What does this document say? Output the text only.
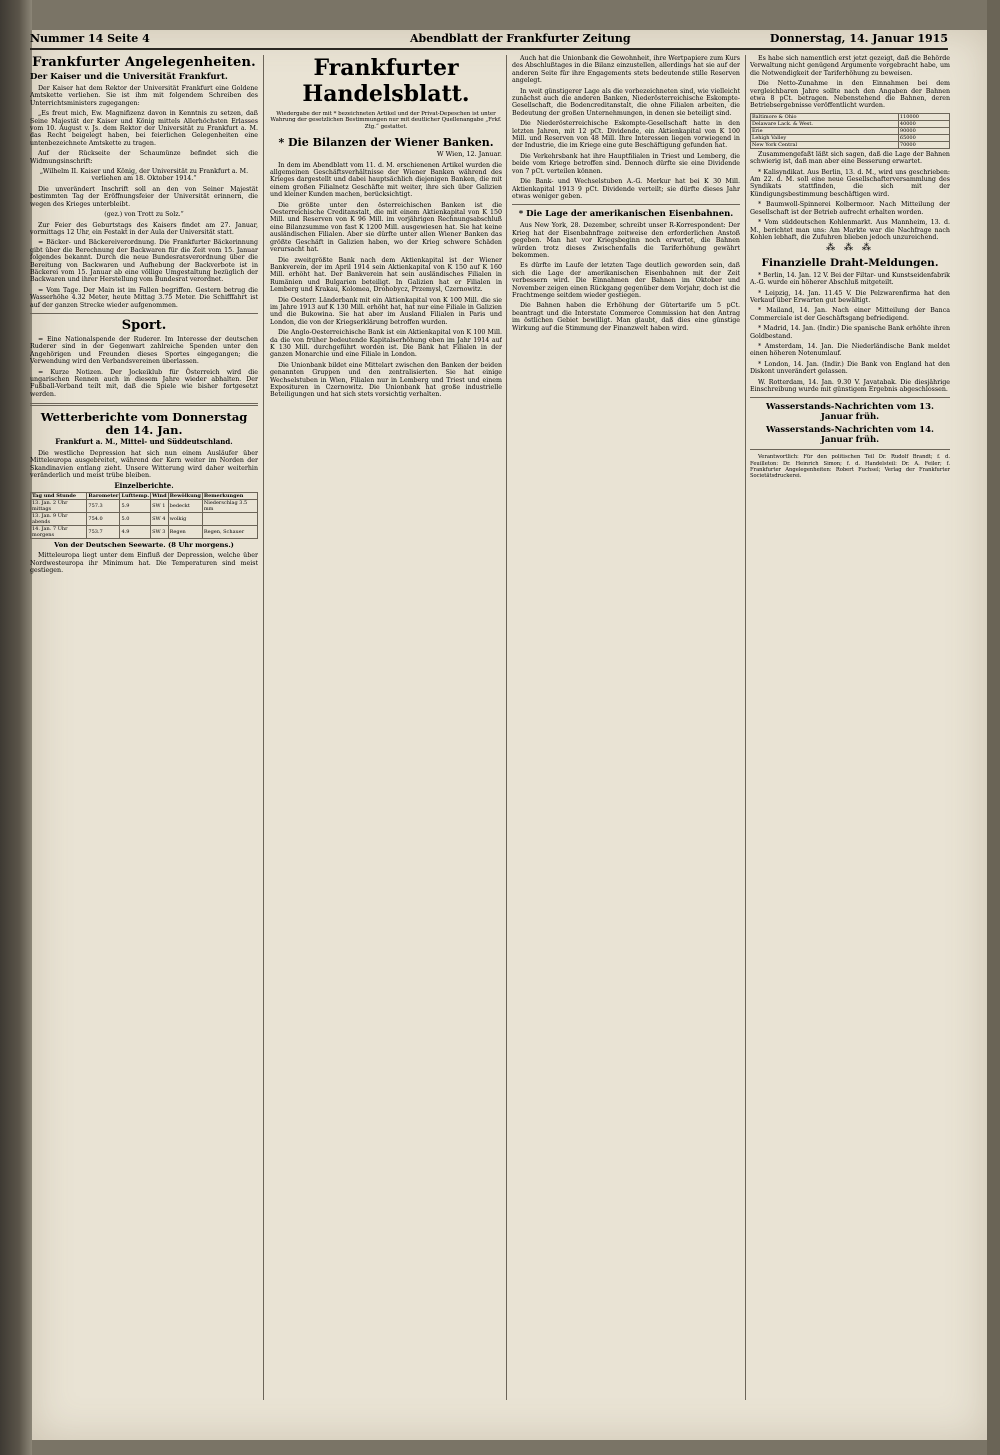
Nummer 14 Seite 4	Abendblatt der Frankfurter Zeitung	Donnerstag, 14. Januar 1915
Frankfurter Angelegenheiten.
Der Kaiser und die Universität Frankfurt.

Der Kaiser hat dem Rektor der Universität Frankfurt eine Goldene Amtskette verliehen. Sie ist ihm mit folgendem Schreiben des Unterrichtsministers zugegangen:

„Es freut mich, Ew. Magnifizenz davon in Kenntnis zu setzen, daß Seine Majestät der Kaiser und König mittels Allerhöchsten Erlasses vom 10. August v. Js. dem Rektor der Universität zu Frankfurt a. M. das Recht beigelegt haben, bei feierlichen Gelegenheiten eine untenbezeichnete Amtskette zu tragen.

Auf der Rückseite der Schaumünze befindet sich die Widmungsinschrift:

„Wilhelm II. Kaiser und König, der Universität zu Frankfurt a. M. verliehen am 18. Oktober 1914.“

Die unverändert Inschrift soll an den von Seiner Majestät bestimmten Tag der Eröffnungsfeier der Universität erinnern, die wegen des Krieges unterbleibt.

(gez.) von Trott zu Solz.“

Zur Feier des Geburtstags des Kaisers findet am 27. Januar, vormittags 12 Uhr, ein Festakt in der Aula der Universität statt.

= Bäcker- und Bäckereiverordnung. Die Frankfurter Bäckerinnung gibt über die Berechnung der Backwaren für die Zeit vom 15. Januar folgendes bekannt. Durch die neue Bundesratsverordnung über die Bereitung von Backwaren und Aufhebung der Backverbote ist in Bäckerei vom 15. Januar ab eine völlige Umgestaltung bezüglich der Backwaren und ihrer Herstellung vom Bundesrat verordnet.

= Vom Tage. Der Main ist im Fallen begriffen. Gestern betrug die Wasserhöhe 4.32 Meter, heute Mittag 3.75 Meter. Die Schifffahrt ist auf der ganzen Strecke wieder aufgenommen.

Sport.

= Eine Nationalspende der Ruderer. Im Interesse der deutschen Ruderer sind in der Gegenwart zahlreiche Spenden unter den Angehörigen und Freunden dieses Sportes eingegangen; die Verwendung wird den Verbandsvereinen überlassen.

= Kurze Notizen. Der Jockeiklub für Österreich wird die ungarischen Rennen auch in diesem Jahre wieder abhalten. Der Fußball-Verband teilt mit, daß die Spiele wie bisher fortgesetzt werden.

Wetterberichte vom Donnerstag den 14. Jan.
Frankfurt a. M., Mittel- und Süddeutschland.

Die westliche Depression hat sich nun einem Ausläufer über Mitteleuropa ausgebreitet, während der Kern weiter im Norden der Skandinavien entlang zieht. Unsere Witterung wird daher weiterhin veränderlich und meist trübe bleiben.

Einzelberichte.
Tag und Stunde	Barometer	Lufttemp.	Wind	Bewölkung	Bemerkungen
13. Jan. 2 Uhr mittags	757.3	5.9	SW 1	bedeckt	Niederschlag 3.5 mm
13. Jan. 9 Uhr abends	754.0	5.0	SW 4	wolkig	
14. Jan. 7 Uhr morgens	753.7	4.9	SW 3	Regen	Regen, Schauer
Von der Deutschen Seewarte. (8 Uhr morgens.)

Mitteleuropa liegt unter dem Einfluß der Depression, welche über Nordwesteuropa ihr Minimum hat. Die Temperaturen sind meist gestiegen.

Frankfurter Handelsblatt.
Wiedergabe der mit * bezeichneten Artikel und der Privat-Depeschen ist unter Wahrung der gesetzlichen Bestimmungen nur mit deutlicher Quellenangabe „Frkf. Ztg.“ gestattet.
* Die Bilanzen der Wiener Banken.
W Wien, 12. Januar.

In dem im Abendblatt vom 11. d. M. erschienenen Artikel wurden die allgemeinen Geschäftsverhältnisse der Wiener Banken während des Krieges dargestellt und dabei hauptsächlich diejenigen Banken, die mit einem großen Filialnetz Geschäfte mit weiter, ihre sich über Galizien und kleiner Kunden machen, berücksichtigt.

Die größte unter den österreichischen Banken ist die Oesterreichische Creditanstalt, die mit einem Aktienkapital von K 150 Mill. und Reserven von K 96 Mill. im vorjährigen Rechnungsabschluß eine Bilanzsumme von fast K 1200 Mill. ausgewiesen hat. Sie hat keine ausländischen Filialen. Aber sie dürfte unter allen Wiener Banken das größte Geschäft in Galizien haben, wo der Krieg schwere Schäden verursacht hat.

Die zweitgrößte Bank nach dem Aktienkapital ist der Wiener Bankverein, der im April 1914 sein Aktienkapital von K 150 auf K 160 Mill. erhöht hat. Der Bankverein hat sein ausländisches Filialen in Rumänien und Bulgarien beteiligt. In Galizien hat er Filialen in Lemberg und Krakau, Kolomea, Drohobycz, Przemysl, Czernowitz.

Die Oesterr. Länderbank mit ein Aktienkapital von K 100 Mill. die sie im Jahre 1913 auf K 130 Mill. erhöht hat, hat nur eine Filiale in Galizien und die Bukowina. Sie hat aber im Ausland Filialen in Paris und London, die von der Kriegserklärung betroffen wurden.

Die Anglo-Oesterreichische Bank ist ein Aktienkapital von K 100 Mill. da die von früher bedeutende Kapitalserhöhung eben im Jahr 1914 auf K 130 Mill. durchgeführt worden ist. Die Bank hat Filialen in der ganzen Monarchie und eine Filiale in London.

Die Unionbank bildet eine Mittelart zwischen den Banken der beiden genannten Gruppen und den zentralisierten. Sie hat einige Wechselstuben in Wien, Filialen nur in Lemberg und Triest und einem Exposituren in Czernowitz. Die Unionbank hat große industrielle Beteiligungen und hat sich stets vorsichtig verhalten.

Auch hat die Unionbank die Gewohnheit, ihre Wertpapiere zum Kurs des Abschlußtages in die Bilanz einzustellen, allerdings hat sie auf der anderen Seite für ihre Engagements stets bedeutende stille Reserven angelegt.

In weit günstigerer Lage als die vorbezeichneten sind, wie vielleicht zunächst auch die anderen Banken, Niederösterreichische Eskompte-Gesellschaft, die Bodencreditanstalt, die ohne Filialen arbeiten, die Bedeutung der großen Unternehmungen, in denen sie beteiligt sind.

Die Niederösterreichische Eskompte-Gesellschaft hatte in den letzten Jahren, mit 12 pCt. Dividende, ein Aktienkapital von K 100 Mill. und Reserven von 48 Mill. Ihre Interessen liegen vorwiegend in der Industrie, die im Kriege eine gute Beschäftigung gefunden hat.

Die Verkehrsbank hat ihre Hauptfilialen in Triest und Lemberg, die beide vom Kriege betroffen sind. Dennoch dürfte sie eine Dividende von 7 pCt. verteilen können.

Die Bank- und Wechselstuben A.-G. Merkur hat bei K 30 Mill. Aktienkapital 1913 9 pCt. Dividende verteilt; sie dürfte dieses Jahr etwas weniger geben.

* Die Lage der amerikanischen Eisenbahnen.

Aus New York, 28. Dezember, schreibt unser R-Korrespondent: Der Krieg hat der Eisenbahnfrage zeitweise den erforderlichen Anstoß gegeben. Man hat vor Kriegsbeginn noch erwartet, die Bahnen würden trotz dieses Zwischenfalls die Tariferhöhung gewährt bekommen.

Es dürfte im Laufe der letzten Tage deutlich geworden sein, daß sich die Lage der amerikanischen Eisenbahnen mit der Zeit verbessern wird. Die Einnahmen der Bahnen im Oktober und November zeigen einen Rückgang gegenüber dem Vorjahr, doch ist die Frachtmenge seitdem wieder gestiegen.

Die Bahnen haben die Erhöhung der Gütertarife um 5 pCt. beantragt und die Interstate Commerce Commission hat den Antrag im östlichen Gebiet bewilligt. Man glaubt, daß dies eine günstige Wirkung auf die Stimmung der Finanzwelt haben wird.

Es habe sich namentlich erst jetzt gezeigt, daß die Behörde Verwaltung nicht genügend Argumente vorgebracht habe, um die Notwendigkeit der Tariferhöhung zu beweisen.

Die Netto-Zunahme in den Einnahmen bei dem vergleichbaren Jahre sollte nach den Angaben der Bahnen etwa 8 pCt. betragen. Nebenstehend die Bahnen, deren Betriebsergebnisse veröffentlicht wurden.

Baltimore & Ohio	110000
Delaware Lack. & West.	40000
Erie	90000
Lehigh Valley	65000
New York Central	70000

Zusammengefaßt läßt sich sagen, daß die Lage der Bahnen schwierig ist, daß man aber eine Besserung erwartet.

* Kalisyndikat. Aus Berlin, 13. d. M., wird uns geschrieben: Am 22. d. M. soll eine neue Gesellschafterversammlung des Syndikats stattfinden, die sich mit der Kündigungsbestimmung beschäftigen wird.

* Baumwoll-Spinnerei Kolbermoor. Nach Mitteilung der Gesellschaft ist der Betrieb aufrecht erhalten worden.

* Vom süddeutschen Kohlenmarkt. Aus Mannheim, 13. d. M., berichtet man uns: Am Markte war die Nachfrage nach Kohlen lebhaft, die Zufuhren blieben jedoch unzureichend.

⁂ ⁂ ⁂
Finanzielle Draht-Meldungen.

* Berlin, 14. Jan. 12 V. Bei der Filtar- und Kunstseidenfabrik A.-G. wurde ein höherer Abschluß mitgeteilt.

* Leipzig, 14. Jan. 11.45 V. Die Pelzwarenfirma hat den Verkauf über Erwarten gut bewältigt.

* Mailand, 14. Jan. Nach einer Mitteilung der Banca Commerciale ist der Geschäftsgang befriedigend.

* Madrid, 14. Jan. (Indir.) Die spanische Bank erhöhte ihren Goldbestand.

* Amsterdam, 14. Jan. Die Niederländische Bank meldet einen höheren Notenumlauf.

* London, 14. Jan. (Indir.) Die Bank von England hat den Diskont unverändert gelassen.

W. Rotterdam, 14. Jan. 9.30 V. Javatabak. Die diesjährige Einschreibung wurde mit günstigem Ergebnis abgeschlossen.

Wasserstands-Nachrichten vom 13. Januar früh.
Wasserstands-Nachrichten vom 14. Januar früh.

Verantwortlich: Für den politischen Teil Dr. Rudolf Brandt; f. d. Feuilleton: Dr. Heinrich Simon; f. d. Handelsteil: Dr. A. Feiler; f. Frankfurter Angelegenheiten: Robert Fuchsel; Verlag der Frankfurter Societätsdruckerei.
